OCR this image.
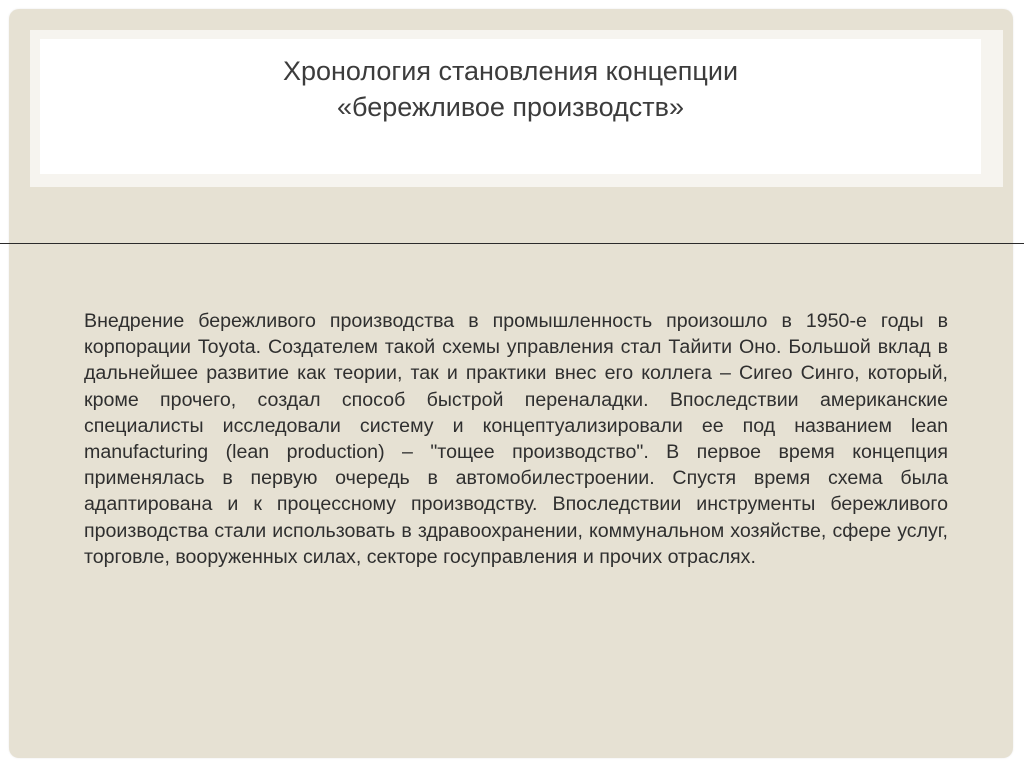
Хронология становления концепции
«бережливое производств»

Внедрение бережливого производства в промышленность произошло в 1950-е годы в корпорации Toyota. Создателем такой схемы управления стал Тайити Оно. Большой вклад в дальнейшее развитие как теории, так и практики внес его коллега – Сигео Синго, который, кроме прочего, создал способ быстрой переналадки. Впоследствии американские специалисты исследовали систему и концептуализировали ее под названием lean manufacturing (lean production) – "тощее производство". В первое время концепция применялась в первую очередь в автомобилестроении. Спустя время схема была адаптирована и к процессному производству. Впоследствии инструменты бережливого производства стали использовать в здравоохранении, коммунальном хозяйстве, сфере услуг, торговле, вооруженных силах, секторе госуправления и прочих отраслях.
